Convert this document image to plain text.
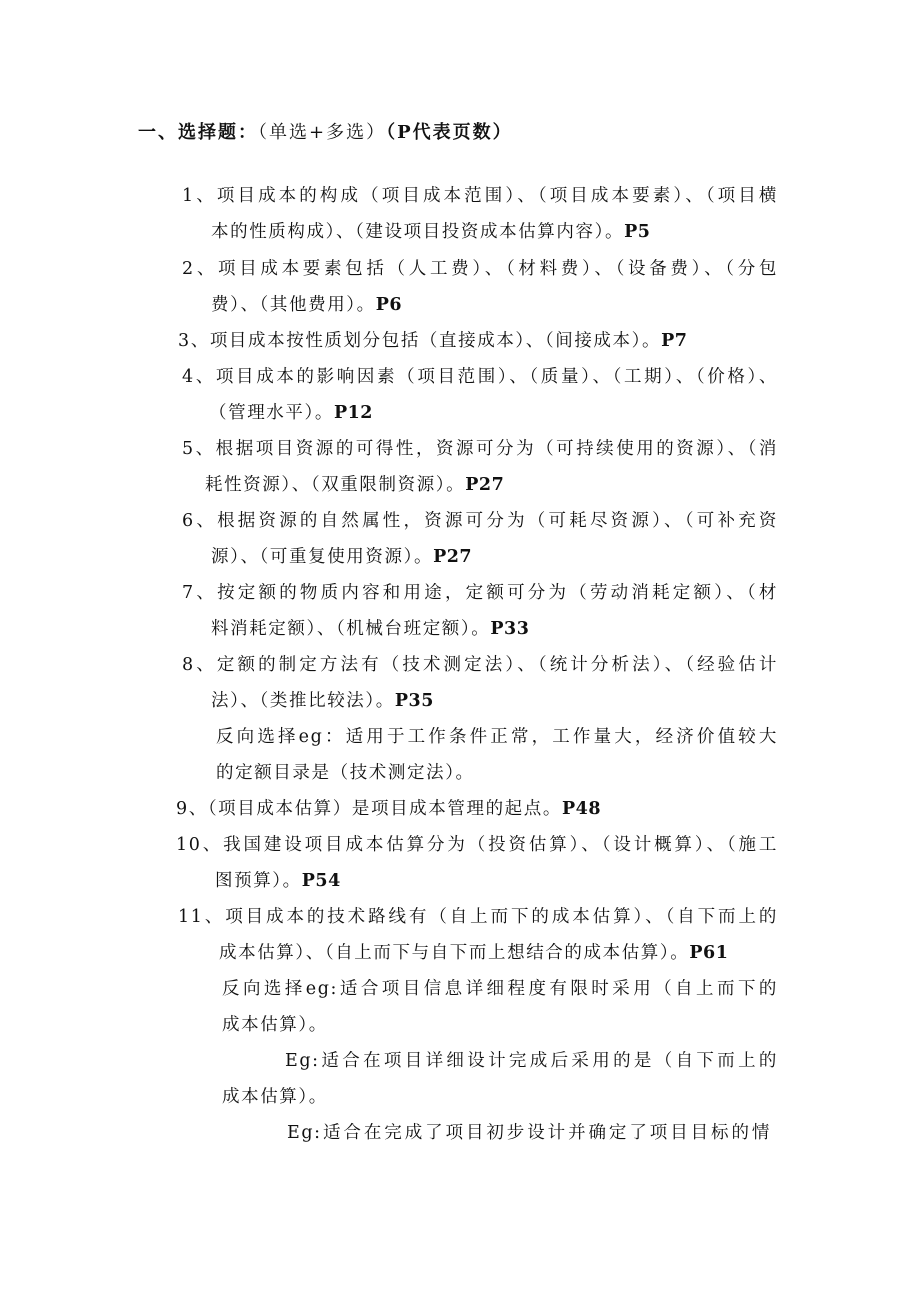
一、选择题：（单选+多选）（P代表页数）
1、项目成本的构成（项目成本范围）、（项目成本要素）、（项目横
本的性质构成）、（建设项目投资成本估算内容）。P5
2、项目成本要素包括（人工费）、（材料费）、（设备费）、（分包
费）、（其他费用）。P6
3、项目成本按性质划分包括（直接成本）、（间接成本）。P7
4、项目成本的影响因素（项目范围）、（质量）、（工期）、（价格）、
（管理水平）。P12
5、根据项目资源的可得性，资源可分为（可持续使用的资源）、（消
耗性资源）、（双重限制资源）。P27
6、根据资源的自然属性，资源可分为（可耗尽资源）、（可补充资
源）、（可重复使用资源）。P27
7、按定额的物质内容和用途，定额可分为（劳动消耗定额）、（材
料消耗定额）、（机械台班定额）。P33
8、定额的制定方法有（技术测定法）、（统计分析法）、（经验估计
法）、（类推比较法）。P35
反向选择eg：适用于工作条件正常，工作量大，经济价值较大
的定额目录是（技术测定法）。
9、（项目成本估算）是项目成本管理的起点。P48
10、我国建设项目成本估算分为（投资估算）、（设计概算）、（施工
图预算）。P54
11、项目成本的技术路线有（自上而下的成本估算）、（自下而上的
成本估算）、（自上而下与自下而上想结合的成本估算）。P61
反向选择eg:适合项目信息详细程度有限时采用（自上而下的
成本估算）。
Eg:适合在项目详细设计完成后采用的是（自下而上的
成本估算）。
Eg:适合在完成了项目初步设计并确定了项目目标的情
